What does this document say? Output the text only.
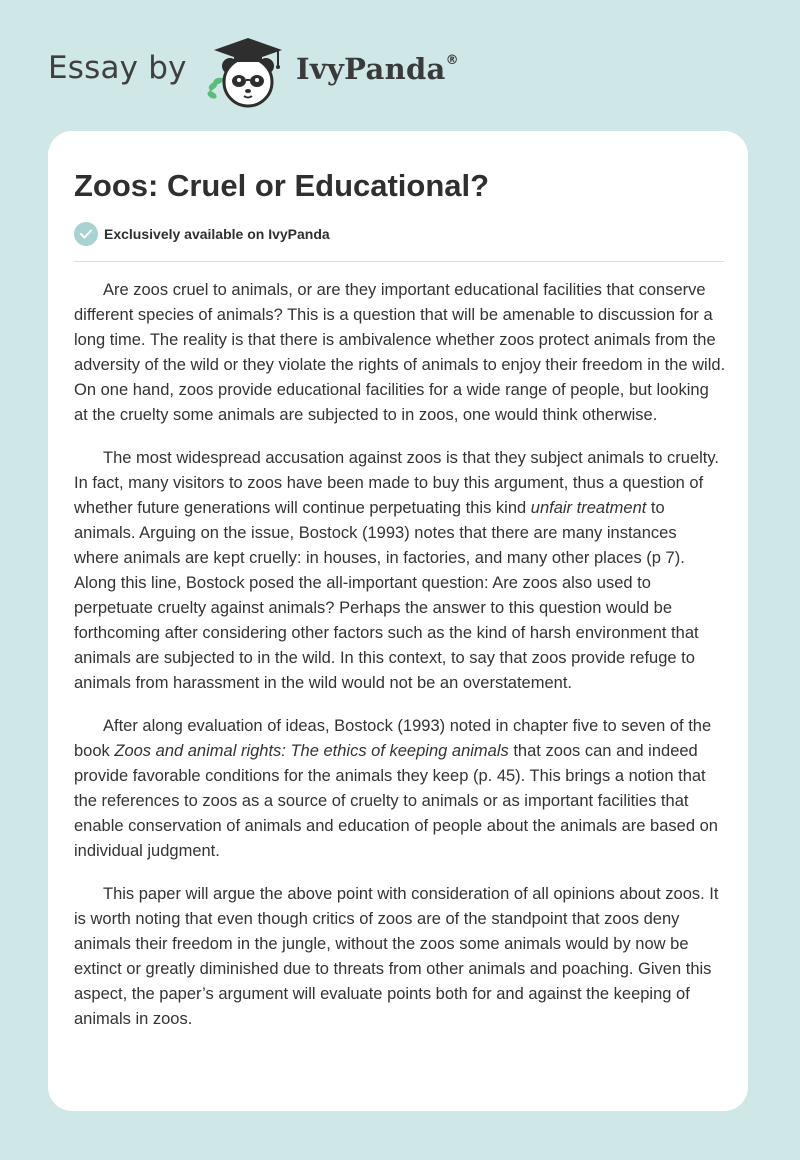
Essay by	IvyPanda®
Zoos: Cruel or Educational?
Exclusively available on IvyPanda

Are zoos cruel to animals, or are they important educational facilities that conserve different species of animals? This is a question that will be amenable to discussion for a long time. The reality is that there is ambivalence whether zoos protect animals from the adversity of the wild or they violate the rights of animals to enjoy their freedom in the wild. On one hand, zoos provide educational facilities for a wide range of people, but looking at the cruelty some animals are subjected to in zoos, one would think otherwise.

The most widespread accusation against zoos is that they subject animals to cruelty. In fact, many visitors to zoos have been made to buy this argument, thus a question of whether future generations will continue perpetuating this kind unfair treatment to animals. Arguing on the issue, Bostock (1993) notes that there are many instances where animals are kept cruelly: in houses, in factories, and many other places (p 7). Along this line, Bostock posed the all-important question: Are zoos also used to perpetuate cruelty against animals? Perhaps the answer to this question would be forthcoming after considering other factors such as the kind of harsh environment that animals are subjected to in the wild. In this context, to say that zoos provide refuge to animals from harassment in the wild would not be an overstatement.

After along evaluation of ideas, Bostock (1993) noted in chapter five to seven of the book Zoos and animal rights: The ethics of keeping animals that zoos can and indeed provide favorable conditions for the animals they keep (p. 45). This brings a notion that the references to zoos as a source of cruelty to animals or as important facilities that enable conservation of animals and education of people about the animals are based on individual judgment.

This paper will argue the above point with consideration of all opinions about zoos. It is worth noting that even though critics of zoos are of the standpoint that zoos deny animals their freedom in the jungle, without the zoos some animals would by now be extinct or greatly diminished due to threats from other animals and poaching. Given this aspect, the paper’s argument will evaluate points both for and against the keeping of animals in zoos.
